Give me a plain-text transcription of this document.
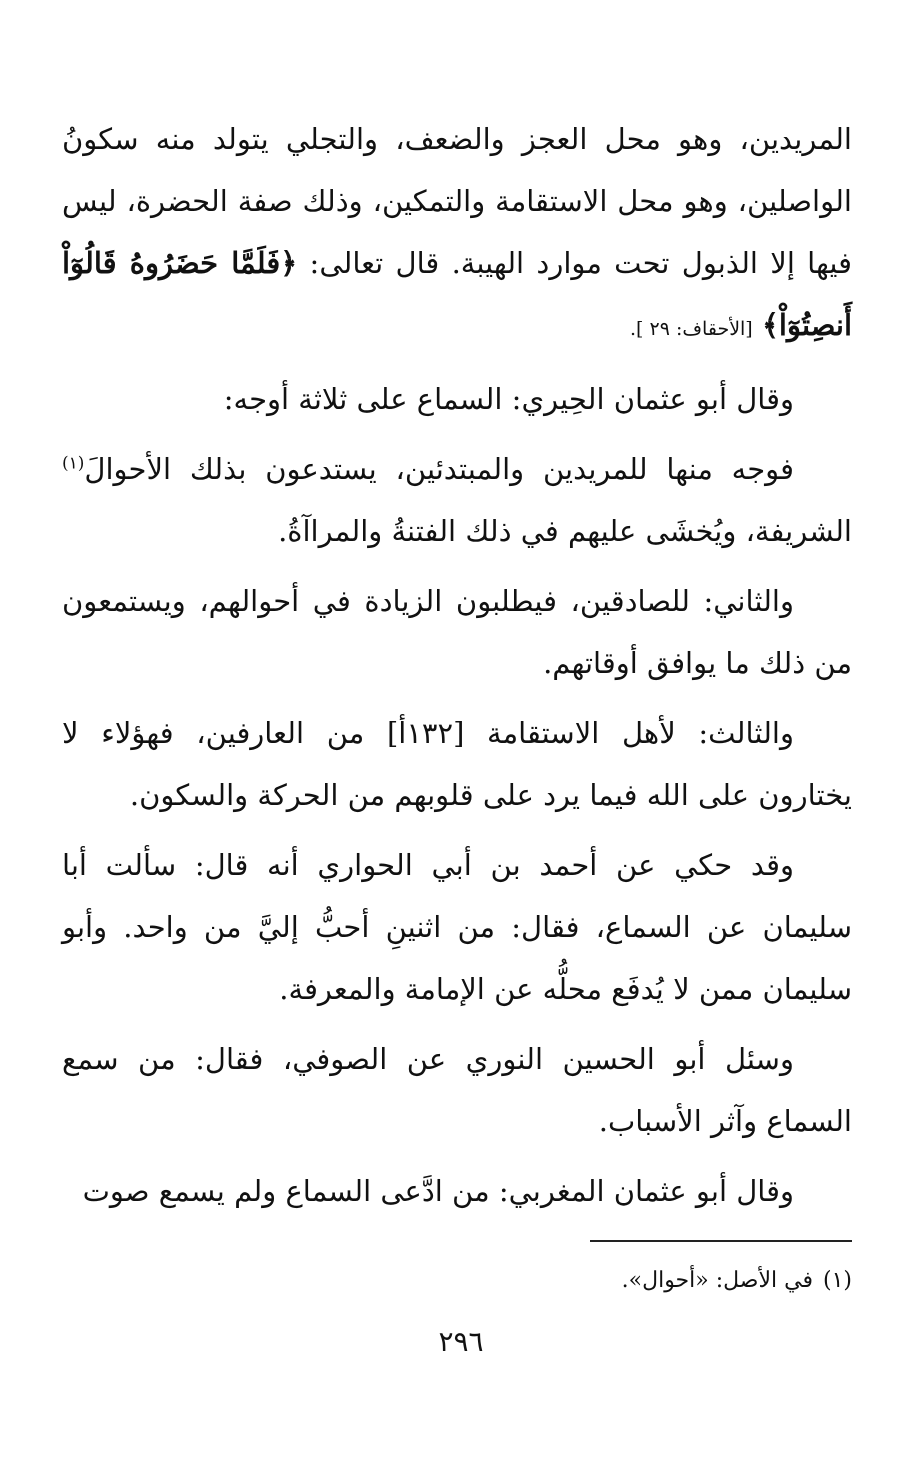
المريدين، وهو محل العجز والضعف، والتجلي يتولد منه سكونُ الواصلين، وهو محل الاستقامة والتمكين، وذلك صفة الحضرة، ليس فيها إلا الذبول تحت موارد الهيبة. قال تعالى: ﴿فَلَمَّا حَضَرُوهُ قَالُوٓاْ أَنصِتُوٓاْ﴾ [الأحقاف: ٢٩ ].

وقال أبو عثمان الحِيري: السماع على ثلاثة أوجه:

فوجه منها للمريدين والمبتدئين، يستدعون بذلك الأحوالَ$^{(١)}$ الشريفة، ويُخشَى عليهم في ذلك الفتنةُ والمراآةُ.

والثاني: للصادقين، فيطلبون الزيادة في أحوالهم، ويستمعون من ذلك ما يوافق أوقاتهم.

والثالث: لأهل الاستقامة [١٣٢أ] من العارفين، فهؤلاء لا يختارون على الله فيما يرد على قلوبهم من الحركة والسكون.

وقد حكي عن أحمد بن أبي الحواري أنه قال: سألت أبا سليمان عن السماع، فقال: من اثنينِ أحبُّ إليَّ من واحد. وأبو سليمان ممن لا يُدفَع محلُّه عن الإمامة والمعرفة.

وسئل أبو الحسين النوري عن الصوفي، فقال: من سمع السماع وآثر الأسباب.

وقال أبو عثمان المغربي: من ادَّعى السماع ولم يسمع صوت

(١)في الأصل: «أحوال».
٢٩٦
